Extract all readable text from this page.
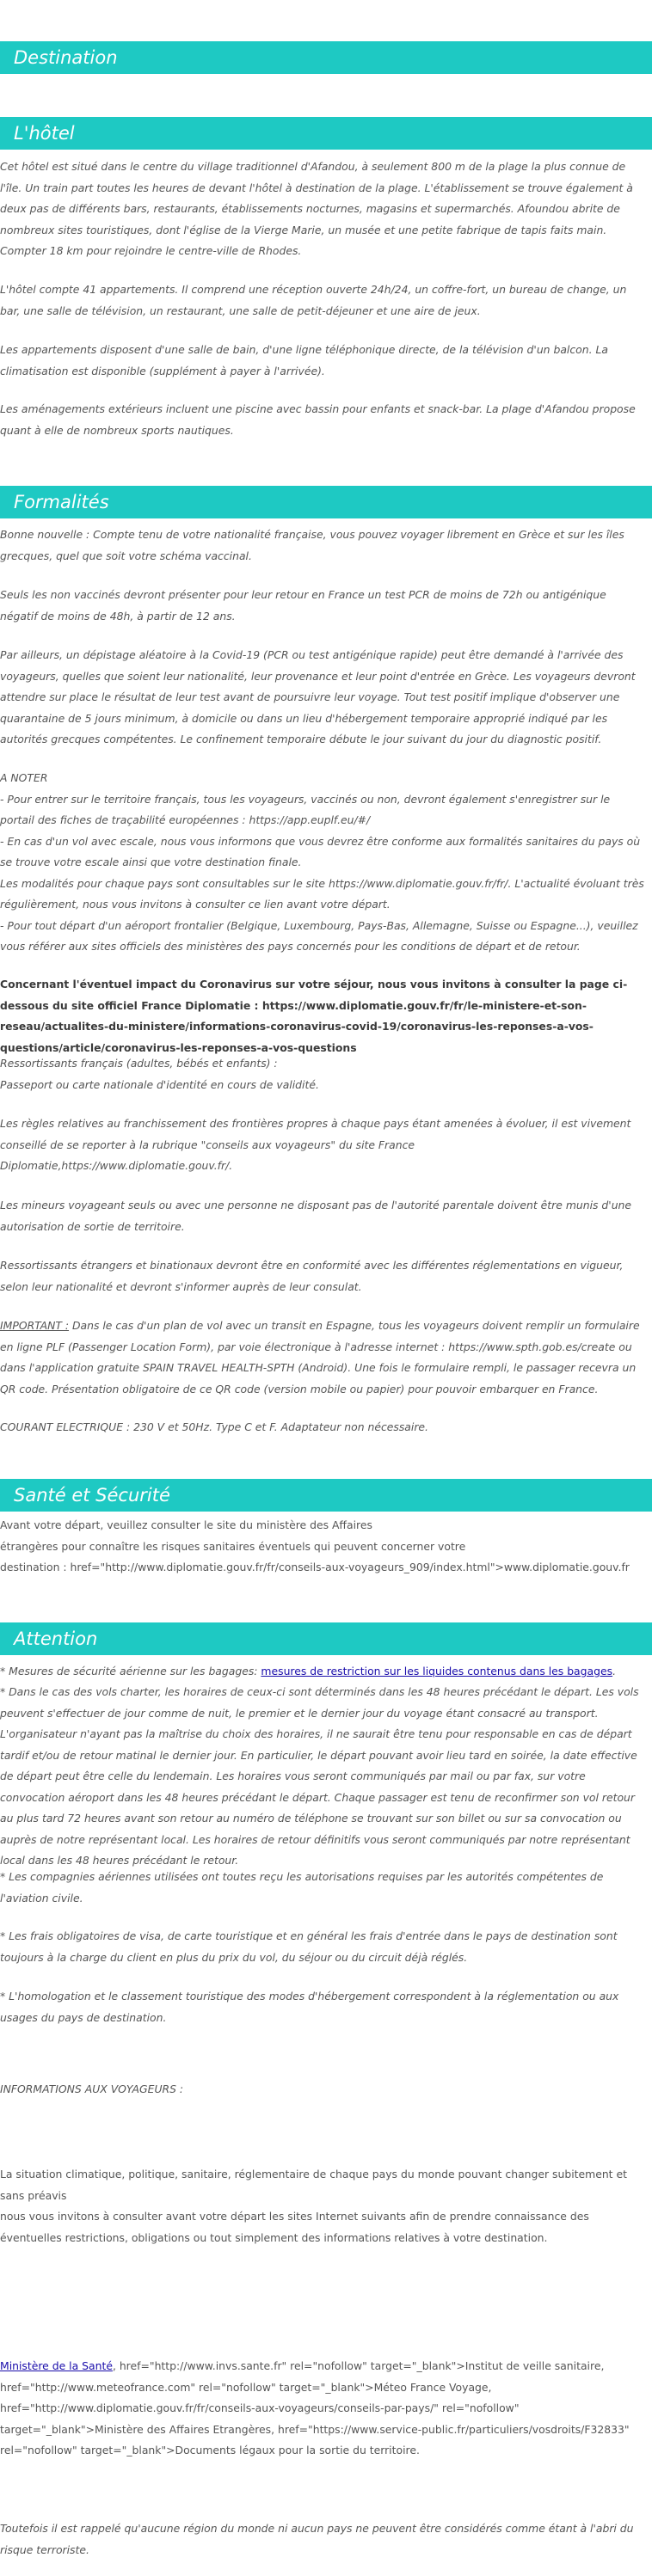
Destination
L'hôtel
Cet hôtel est situé dans le centre du village traditionnel d'Afandou, à seulement 800 m de la plage la plus connue de l'île. Un train part toutes les heures de devant l'hôtel à destination de la plage. L'établissement se trouve également à deux pas de différents bars, restaurants, établissements nocturnes, magasins et supermarchés. Afoundou abrite de nombreux sites touristiques, dont l'église de la Vierge Marie, un musée et une petite fabrique de tapis faits main. Compter 18 km pour rejoindre le centre-ville de Rhodes.
L'hôtel compte 41 appartements. Il comprend une réception ouverte 24h/24, un coffre-fort, un bureau de change, un bar, une salle de télévision, un restaurant, une salle de petit-déjeuner et une aire de jeux.
Les appartements disposent d'une salle de bain, d'une ligne téléphonique directe, de la télévision d'un balcon. La climatisation est disponible (supplément à payer à l'arrivée).
Les aménagements extérieurs incluent une piscine avec bassin pour enfants et snack-bar. La plage d'Afandou propose quant à elle de nombreux sports nautiques.
Formalités
Bonne nouvelle : Compte tenu de votre nationalité française, vous pouvez voyager librement en Grèce et sur les îles grecques, quel que soit votre schéma vaccinal.
Seuls les non vaccinés devront présenter pour leur retour en France un test PCR de moins de 72h ou antigénique négatif de moins de 48h, à partir de 12 ans.
Par ailleurs, un dépistage aléatoire à la Covid-19 (PCR ou test antigénique rapide) peut être demandé à l'arrivée des voyageurs, quelles que soient leur nationalité, leur provenance et leur point d'entrée en Grèce. Les voyageurs devront attendre sur place le résultat de leur test avant de poursuivre leur voyage. Tout test positif implique d'observer une quarantaine de 5 jours minimum, à domicile ou dans un lieu d'hébergement temporaire approprié indiqué par les autorités grecques compétentes. Le confinement temporaire débute le jour suivant du jour du diagnostic positif.
A NOTER
- Pour entrer sur le territoire français, tous les voyageurs, vaccinés ou non, devront également s'enregistrer sur le portail des fiches de traçabilité européennes : https://app.euplf.eu/#/
- En cas d'un vol avec escale, nous vous informons que vous devrez être conforme aux formalités sanitaires du pays où se trouve votre escale ainsi que votre destination finale.
Les modalités pour chaque pays sont consultables sur le site https://www.diplomatie.gouv.fr/fr/. L'actualité évoluant très régulièrement, nous vous invitons à consulter ce lien avant votre départ.
- Pour tout départ d'un aéroport frontalier (Belgique, Luxembourg, Pays-Bas, Allemagne, Suisse ou Espagne...), veuillez vous référer aux sites officiels des ministères des pays concernés pour les conditions de départ et de retour.
Concernant l'éventuel impact du Coronavirus sur votre séjour, nous vous invitons à consulter la page ci-dessous du site officiel France Diplomatie : https://www.diplomatie.gouv.fr/fr/le-ministere-et-son-reseau/actualites-du-ministere/informations-coronavirus-covid-19/coronavirus-les-reponses-a-vos-questions/article/coronavirus-les-reponses-a-vos-questions
Ressortissants français (adultes, bébés et enfants) :
Passeport ou carte nationale d'identité en cours de validité.
Les règles relatives au franchissement des frontières propres à chaque pays étant amenées à évoluer, il est vivement conseillé de se reporter à la rubrique "conseils aux voyageurs" du site France Diplomatie,https://www.diplomatie.gouv.fr/.
Les mineurs voyageant seuls ou avec une personne ne disposant pas de l'autorité parentale doivent être munis d'une autorisation de sortie de territoire.
Ressortissants étrangers et binationaux devront être en conformité avec les différentes réglementations en vigueur, selon leur nationalité et devront s'informer auprès de leur consulat.
IMPORTANT : Dans le cas d'un plan de vol avec un transit en Espagne, tous les voyageurs doivent remplir un formulaire en ligne PLF (Passenger Location Form), par voie électronique à l'adresse internet : https://www.spth.gob.es/create ou dans l'application gratuite SPAIN TRAVEL HEALTH-SPTH (Android). Une fois le formulaire rempli, le passager recevra un QR code. Présentation obligatoire de ce QR code (version mobile ou papier) pour pouvoir embarquer en France.
COURANT ELECTRIQUE : 230 V et 50Hz. Type C et F. Adaptateur non nécessaire.
Santé et Sécurité
Avant votre départ, veuillez consulter le site du ministère des Affaires
étrangères pour connaître les risques sanitaires éventuels qui peuvent concerner votre
destination : href="http://www.diplomatie.gouv.fr/fr/conseils-aux-voyageurs_909/index.html">www.diplomatie.gouv.fr
Attention
* Mesures de sécurité aérienne sur les bagages: mesures de restriction sur les liquides contenus dans les bagages.
* Dans le cas des vols charter, les horaires de ceux-ci sont déterminés dans les 48 heures précédant le départ. Les vols peuvent s'effectuer de jour comme de nuit, le premier et le dernier jour du voyage étant consacré au transport. L'organisateur n'ayant pas la maîtrise du choix des horaires, il ne saurait être tenu pour responsable en cas de départ tardif et/ou de retour matinal le dernier jour. En particulier, le départ pouvant avoir lieu tard en soirée, la date effective de départ peut être celle du lendemain. Les horaires vous seront communiqués par mail ou par fax, sur votre convocation aéroport dans les 48 heures précédant le départ. Chaque passager est tenu de reconfirmer son vol retour au plus tard 72 heures avant son retour au numéro de téléphone se trouvant sur son billet ou sur sa convocation ou auprès de notre représentant local. Les horaires de retour définitifs vous seront communiqués par notre représentant local dans les 48 heures précédant le retour.
* Les compagnies aériennes utilisées ont toutes reçu les autorisations requises par les autorités compétentes de l'aviation civile.
* Les frais obligatoires de visa, de carte touristique et en général les frais d'entrée dans le pays de destination sont toujours à la charge du client en plus du prix du vol, du séjour ou du circuit déjà réglés.
* L'homologation et le classement touristique des modes d'hébergement correspondent à la réglementation ou aux usages du pays de destination.
INFORMATIONS AUX VOYAGEURS :
La situation climatique, politique, sanitaire, réglementaire de chaque pays du monde pouvant changer subitement et sans préavis
nous vous invitons à consulter avant votre départ les sites Internet suivants afin de prendre connaissance des éventuelles restrictions, obligations ou tout simplement des informations relatives à votre destination.
Ministère de la Santé, href="http://www.invs.sante.fr" rel="nofollow" target="_blank">Institut de veille sanitaire, href="http://www.meteofrance.com" rel="nofollow" target="_blank">Méteo France Voyage, href="http://www.diplomatie.gouv.fr/fr/conseils-aux-voyageurs/conseils-par-pays/" rel="nofollow" target="_blank">Ministère des Affaires Etrangères, href="https://www.service-public.fr/particuliers/vosdroits/F32833" rel="nofollow" target="_blank">Documents légaux pour la sortie du territoire.
Toutefois il est rappelé qu'aucune région du monde ni aucun pays ne peuvent être considérés comme étant à l'abri du risque terroriste.
